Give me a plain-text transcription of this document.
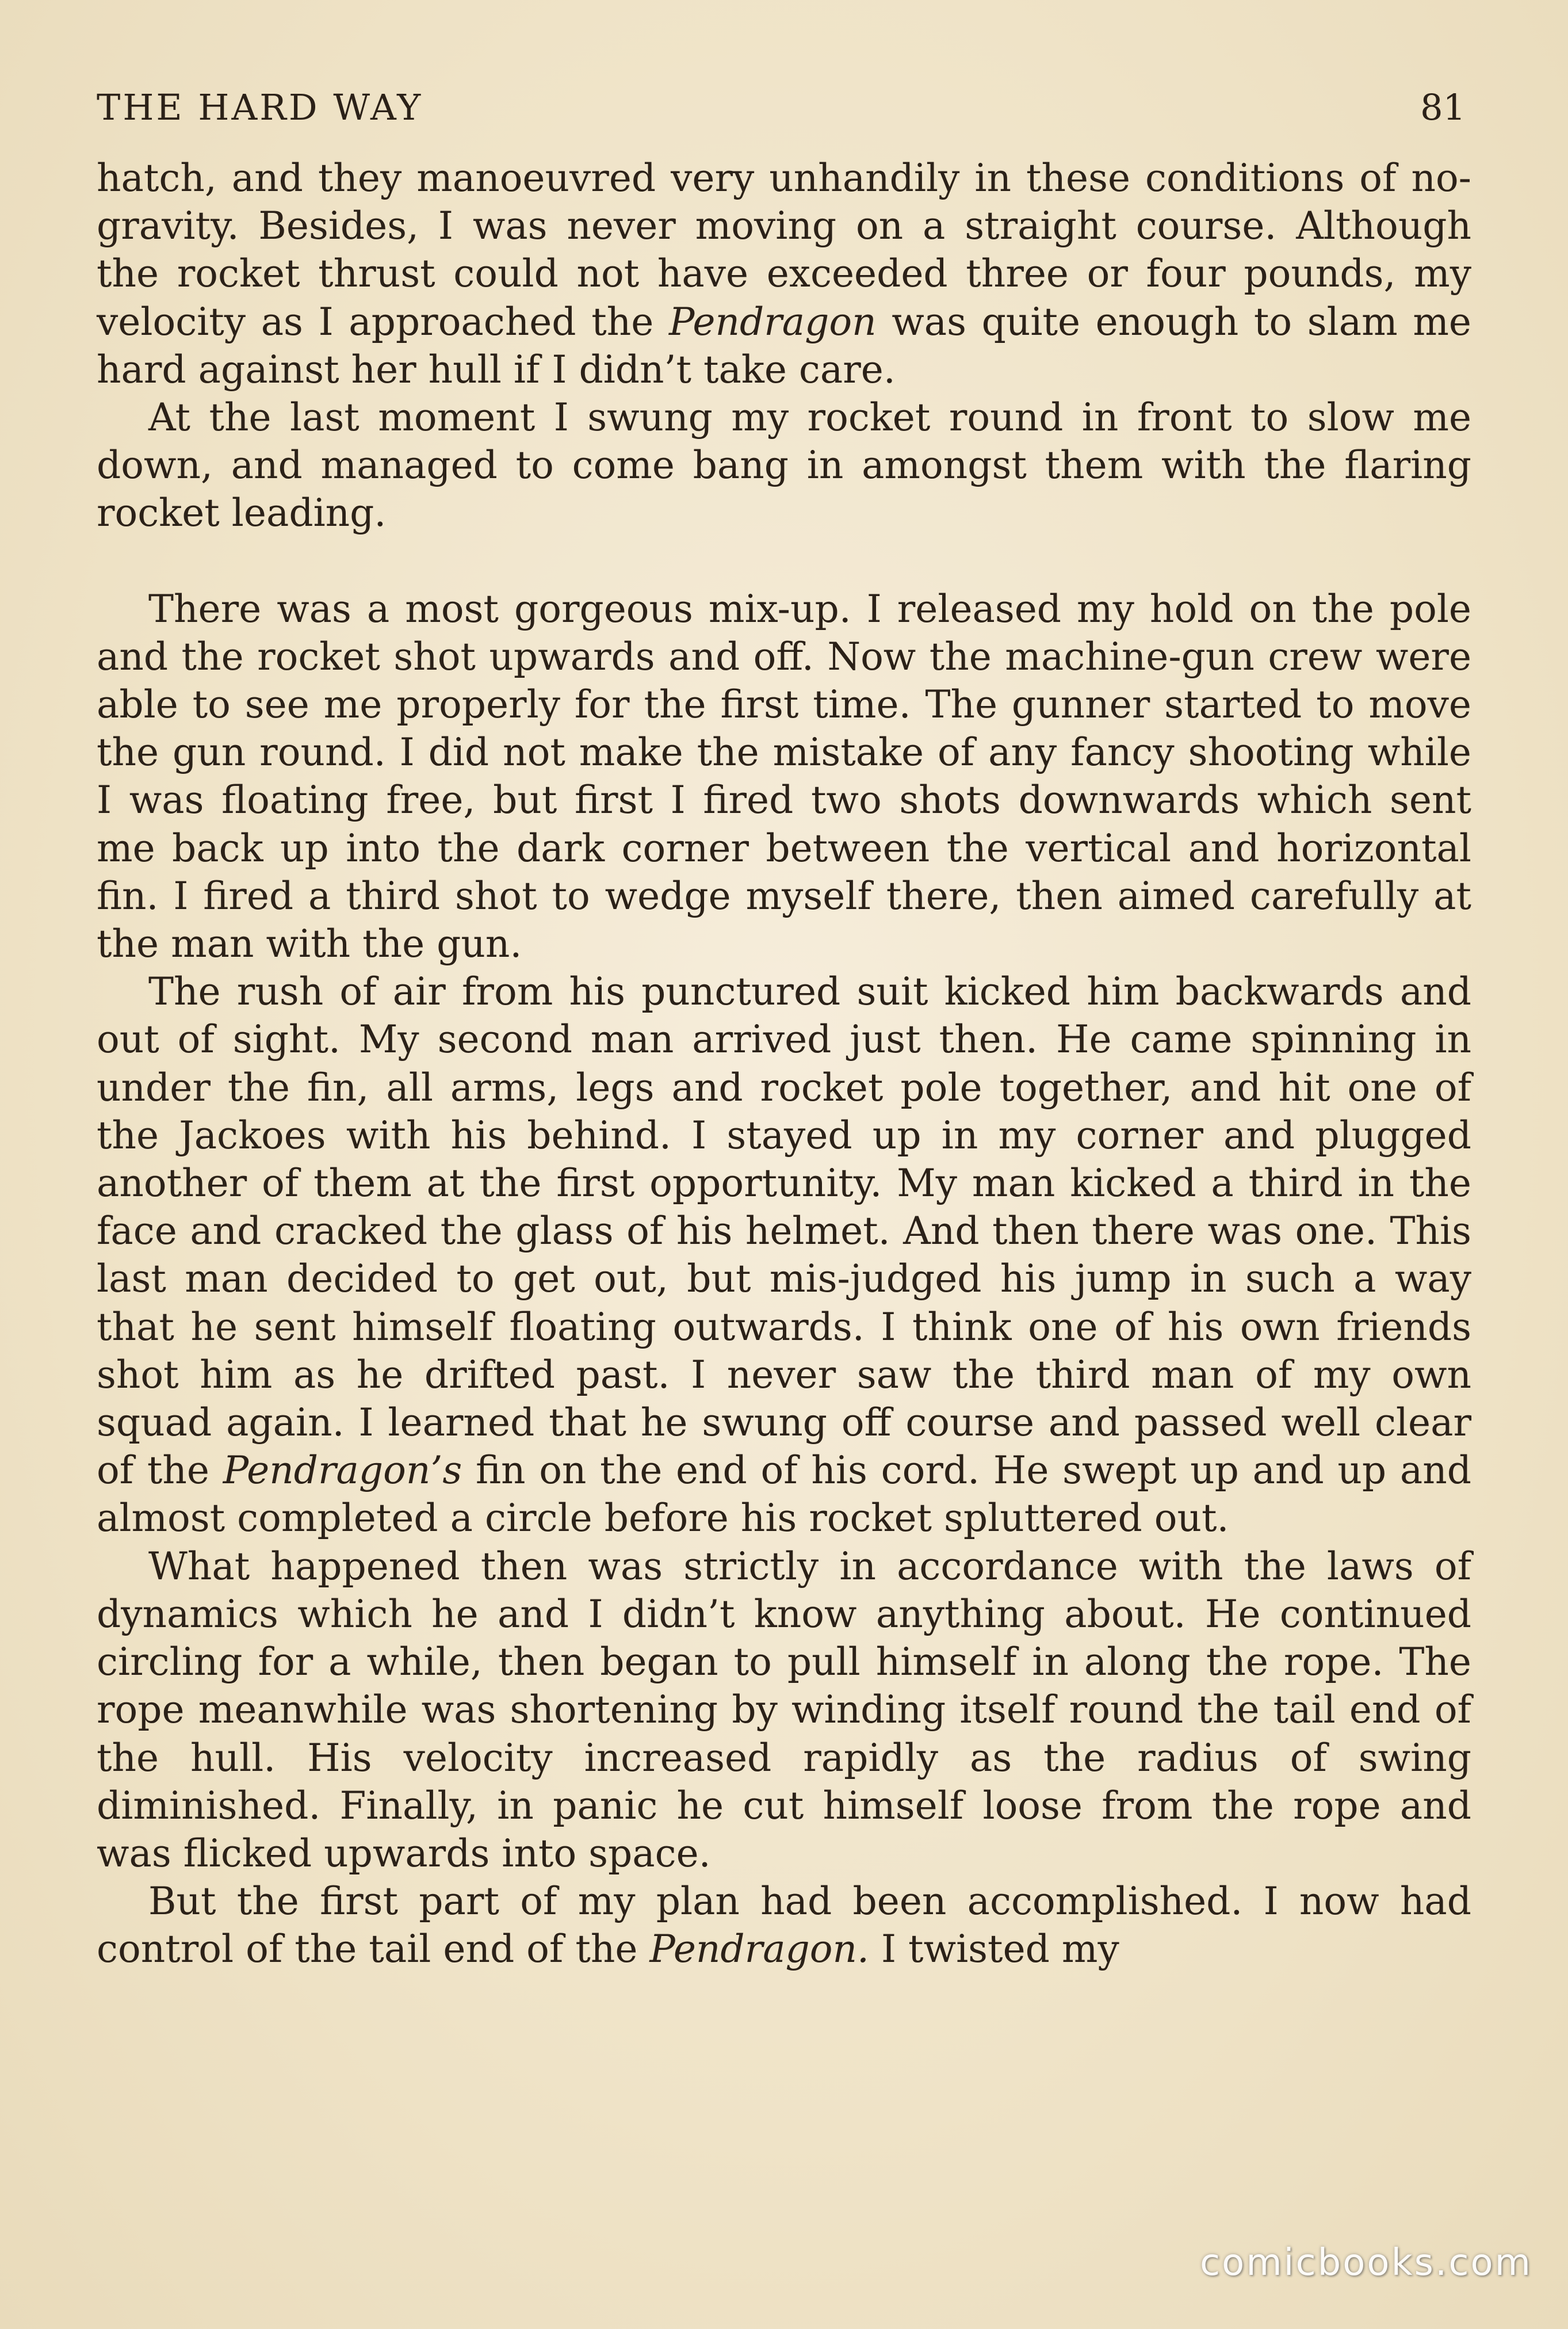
THE HARD WAY	81

hatch, and they manoeuvred very unhandily in these conditions of no-gravity. Besides, I was never moving on a straight course. Although the rocket thrust could not have exceeded three or four pounds, my velocity as I approached the Pendragon was quite enough to slam me hard against her hull if I didn’t take care.

At the last moment I swung my rocket round in front to slow me down, and managed to come bang in amongst them with the flaring rocket leading.

There was a most gorgeous mix-up. I released my hold on the pole and the rocket shot upwards and off. Now the machine-gun crew were able to see me properly for the first time. The gunner started to move the gun round. I did not make the mistake of any fancy shooting while I was floating free, but first I fired two shots downwards which sent me back up into the dark corner between the vertical and horizontal fin. I fired a third shot to wedge myself there, then aimed carefully at the man with the gun.

The rush of air from his punctured suit kicked him backwards and out of sight. My second man arrived just then. He came spinning in under the fin, all arms, legs and rocket pole together, and hit one of the Jackoes with his behind. I stayed up in my corner and plugged another of them at the first opportunity. My man kicked a third in the face and cracked the glass of his helmet. And then there was one. This last man decided to get out, but mis-judged his jump in such a way that he sent himself floating outwards. I think one of his own friends shot him as he drifted past. I never saw the third man of my own squad again. I learned that he swung off course and passed well clear of the Pendragon’s fin on the end of his cord. He swept up and up and almost completed a circle before his rocket spluttered out.

What happened then was strictly in accordance with the laws of dynamics which he and I didn’t know anything about. He continued circling for a while, then began to pull himself in along the rope. The rope meanwhile was shortening by winding itself round the tail end of the hull. His velocity increased rapidly as the radius of swing diminished. Finally, in panic he cut himself loose from the rope and was flicked upwards into space.

But the first part of my plan had been accomplished. I now had control of the tail end of the Pendragon. I twisted my

comicbooks.com
